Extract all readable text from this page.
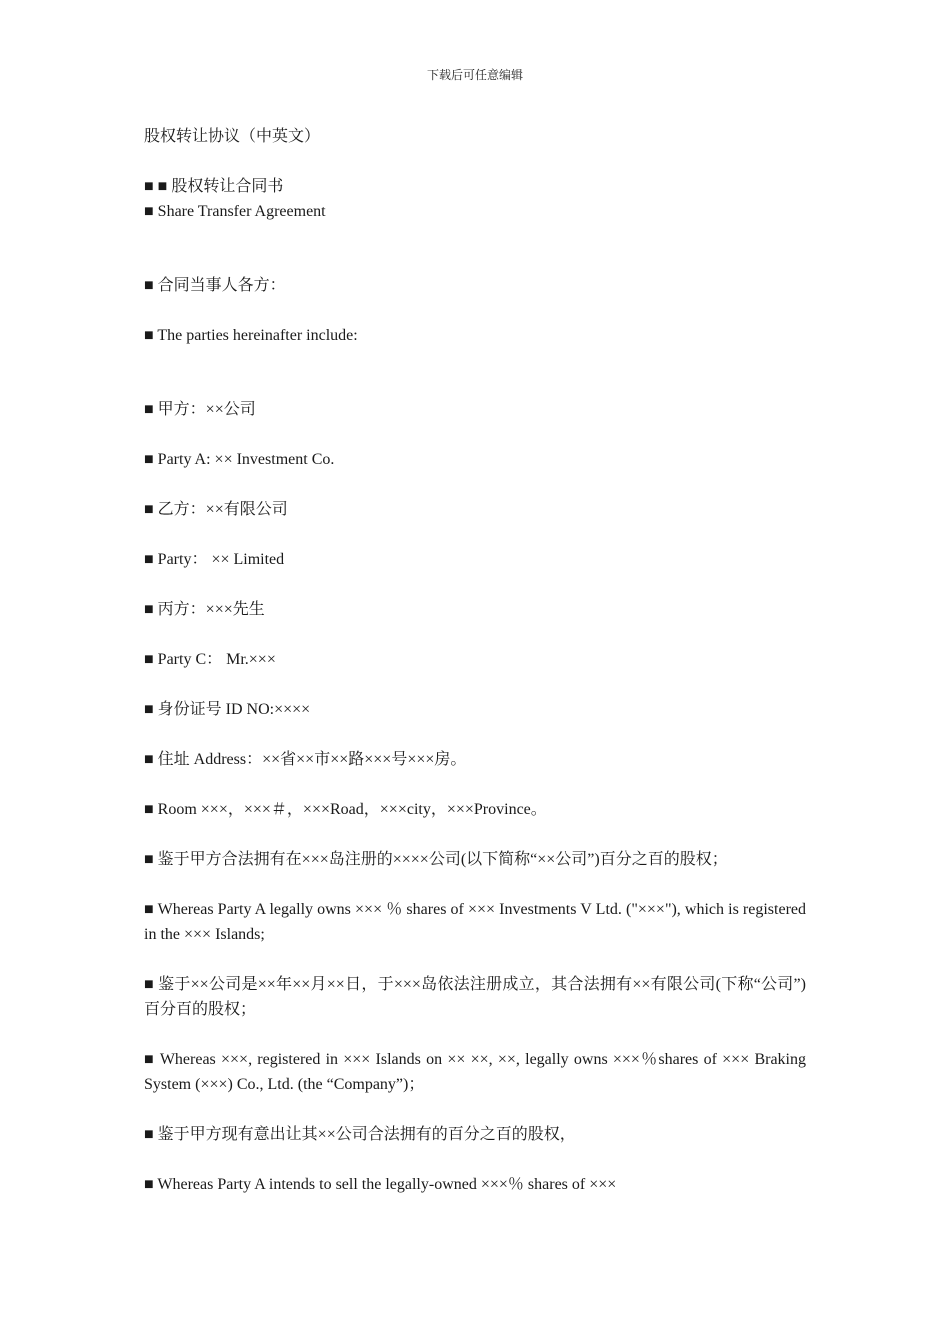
下载后可任意编辑
股权转让协议（中英文）
■ ■ 股权转让合同书
■ Share Transfer Agreement
■ 合同当事人各方：
■ The parties hereinafter include:
■ 甲方：××公司
■ Party A: ×× Investment Co.
■ 乙方：××有限公司
■ Party： ×× Limited
■ 丙方：×××先生
■ Party C： Mr.×××
■ 身份证号 ID NO:××××
■ 住址 Address：××省××市××路×××号×××房。
■ Room ×××，×××＃，×××Road，×××city，×××Province。
■ 鉴于甲方合法拥有在×××岛注册的××××公司(以下简称“××公司”)百分之百的股权；
■ Whereas Party A legally owns ××× ％ shares of ××× Investments V Ltd. ("×××"), which is registered in the ××× Islands;
■ 鉴于××公司是××年××月××日，于×××岛依法注册成立，其合法拥有××有限公司(下称“公司”)百分百的股权；
■ Whereas ×××, registered in ××× Islands on ×× ××, ××, legally owns ×××％shares of ××× Braking System (×××) Co., Ltd. (the “Company”)；
■ 鉴于甲方现有意出让其××公司合法拥有的百分之百的股权，
■ Whereas Party A intends to sell the legally-owned ×××％ shares of ×××
